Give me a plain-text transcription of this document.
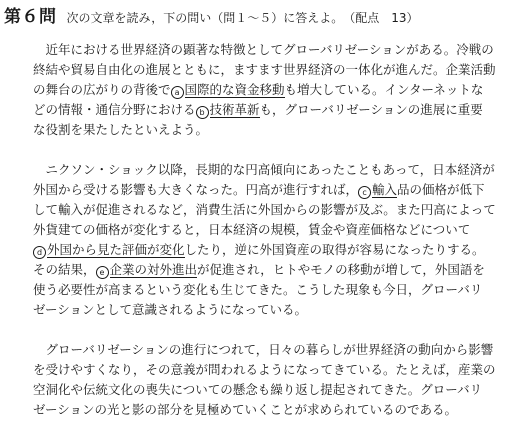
第６問 次の文章を読み，下の問い（問１～５）に答えよ。 （配点　13）
近年における世界経済の顕著な特徴としてグローバリゼーションがある。冷戦の
終結や貿易自由化の進展とともに，ますます世界経済の一体化が進んだ。企業活動
の舞台の広がりの背後で a 国際的な資金移動も増大している。インターネットな
どの情報・通信分野における b 技術革新も，グローバリゼーションの進展に重要
な役割を果たしたといえよう。
ニクソン・ショック以降，長期的な円高傾向にあったこともあって，日本経済が
外国から受ける影響も大きくなった。円高が進行すれば， c 輸入品の価格が低下
して輸入が促進されるなど，消費生活に外国からの影響が及ぶ。また円高によって
外貨建ての価格が変化すると，日本経済の規模，賃金や資産価格などについて
d 外国から見た評価が変化したり，逆に外国資産の取得が容易になったりする。
その結果， e 企業の対外進出が促進され，ヒトやモノの移動が増して，外国語を
使う必要性が高まるという変化も生じてきた。こうした現象も今日，グローバリ
ゼーションとして意識されるようになっている。
グローバリゼーションの進行につれて，日々の暮らしが世界経済の動向から影響
を受けやすくなり，その意義が問われるようになってきている。たとえば，産業の
空洞化や伝統文化の喪失についての懸念も繰り返し提起されてきた。グローバリ
ゼーションの光と影の部分を見極めていくことが求められているのである。
